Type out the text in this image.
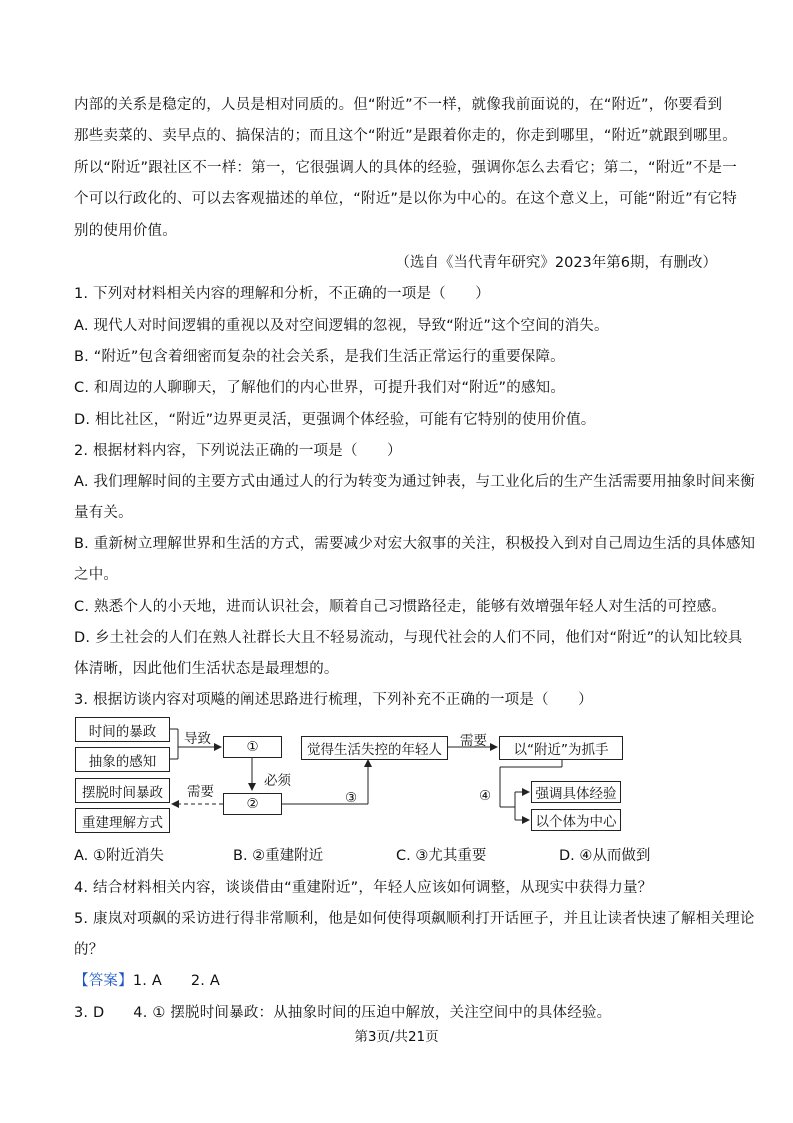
内部的关系是稳定的，人员是相对同质的。但“附近”不一样，就像我前面说的，在“附近”，你要看到
那些卖菜的、卖早点的、搞保洁的；而且这个“附近”是跟着你走的，你走到哪里，“附近”就跟到哪里。
所以“附近”跟社区不一样：第一，它很强调人的具体的经验，强调你怎么去看它；第二，“附近”不是一
个可以行政化的、可以去客观描述的单位，“附近”是以你为中心的。在这个意义上，可能“附近”有它特
别的使用价值。
（选自《当代青年研究》2023年第6期，有删改）
1. 下列对材料相关内容的理解和分析，不正确的一项是（　　）
A. 现代人对时间逻辑的重视以及对空间逻辑的忽视，导致“附近”这个空间的消失。
B. “附近”包含着细密而复杂的社会关系，是我们生活正常运行的重要保障。
C. 和周边的人聊聊天，了解他们的内心世界，可提升我们对“附近”的感知。
D. 相比社区，“附近”边界更灵活，更强调个体经验，可能有它特别的使用价值。
2. 根据材料内容，下列说法正确的一项是（　　）
A. 我们理解时间的主要方式由通过人的行为转变为通过钟表，与工业化后的生产生活需要用抽象时间来衡
量有关。
B. 重新树立理解世界和生活的方式，需要减少对宏大叙事的关注，积极投入到对自己周边生活的具体感知
之中。
C. 熟悉个人的小天地，进而认识社会，顺着自己习惯路径走，能够有效增强年轻人对生活的可控感。
D. 乡土社会的人们在熟人社群长大且不轻易流动，与现代社会的人们不同，他们对“附近”的认知比较具
体清晰，因此他们生活状态是最理想的。
3. 根据访谈内容对项飚的阐述思路进行梳理，下列补充不正确的一项是（　　）
时间的暴政
抽象的感知
导致	①
必须
需要
②
摆脱时间暴政
重建理解方式
③
觉得生活失控的年轻人
需要
以“附近”为抓手
④	强调具体经验
以个体为中心
A. ①附近消失	B. ②重建附近	C. ③尤其重要	D. ④从而做到
4. 结合材料相关内容，谈谈借由“重建附近”，年轻人应该如何调整，从现实中获得力量？
5. 康岚对项飙的采访进行得非常顺利，他是如何使得项飙顺利打开话匣子，并且让读者快速了解相关理论
的？
【答案】1. A 2. A
3. D 4. ① 摆脱时间暴政：从抽象时间的压迫中解放，关注空间中的具体经验。
第3页/共21页
